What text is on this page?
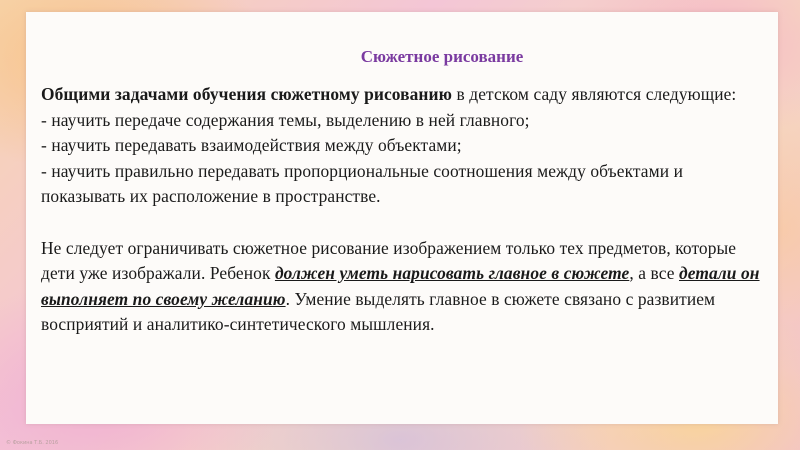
Сюжетное рисование

Общими задачами обучения сюжетному рисованию в детском саду являются следующие:

- научить передаче содержания темы, выделению в ней главного;

- научить передавать взаимодействия между объектами;

- научить правильно передавать пропорциональные соотношения между объектами и показывать их расположение в пространстве.

Не следует ограничивать сюжетное рисование изображением только тех предметов, которые дети уже изображали. Ребенок должен уметь нарисовать главное в сюжете, а все детали он выполняет по своему желанию. Умение выделять главное в сюжете связано с развитием восприятий и аналитико-синтетического мышления.

© Фокина Т.Б. 2016
